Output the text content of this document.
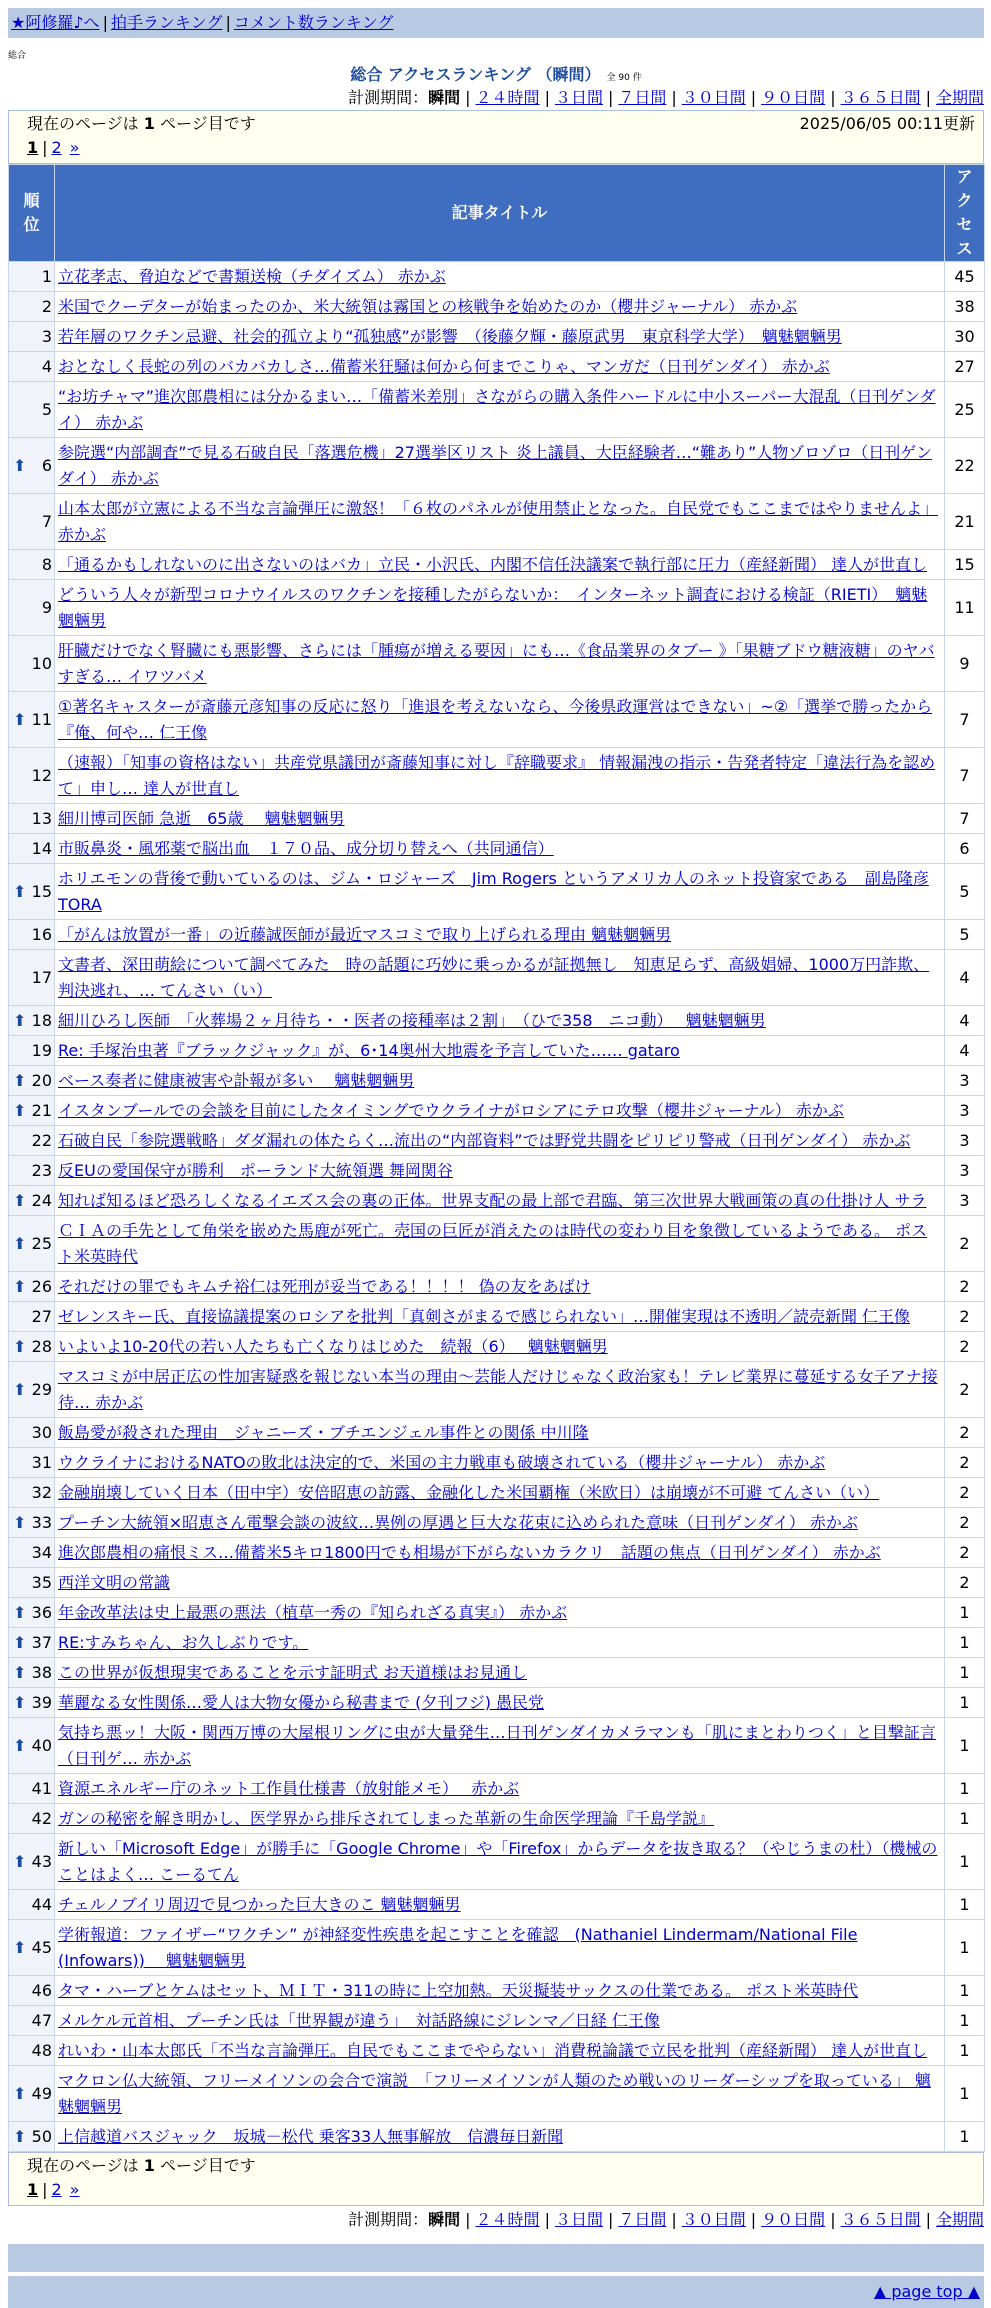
★阿修羅♪へ | 拍手ランキング | コメント数ランキング
総合
総合 アクセスランキング （瞬間） 全 90 件
計測期間：瞬間 | ２４時間 | ３日間 | ７日間 | ３０日間 | ９０日間 | ３６５日間 | 全期間
現在のページは 1 ページ目です	2025/06/05 00:11更新
1 | 2 »
順位	記事タイトル	アクセス
1	立花孝志、脅迫などで書類送検（チダイズム） 赤かぶ	45
2	米国でクーデターが始まったのか、米大統領は霧国との核戦争を始めたのか（櫻井ジャーナル） 赤かぶ	38
3	若年層のワクチン忌避、社会的孤立より“孤独感”が影響　（後藤夕輝・藤原武男　東京科学大学）　魑魅魍魎男	30
4	おとなしく長蛇の列のバカバカしさ…備蓄米狂騒は何から何までこりゃ、マンガだ（日刊ゲンダイ） 赤かぶ	27
5	“お坊チャマ”進次郎農相には分かるまい…「備蓄米差別」さながらの購入条件ハードルに中小スーパー大混乱（日刊ゲンダイ） 赤かぶ	25

⬆ 6	参院選“内部調査”で見る石破自民「落選危機」27選挙区リスト 炎上議員、大臣経験者…“難あり”人物ゾロゾロ（日刊ゲンダイ） 赤かぶ	22
7	山本太郎が立憲による不当な言論弾圧に激怒！「６枚のパネルが使用禁止となった。自民党でもここまではやりませんよ」 赤かぶ	21
8	「通るかもしれないのに出さないのはバカ」立民・小沢氏、内閣不信任決議案で執行部に圧力（産経新聞） 達人が世直し	15
9	どういう人々が新型コロナウイルスのワクチンを接種したがらないか：　インターネット調査における検証（RIETI）　魑魅魍魎男	11
10	肝臓だけでなく腎臓にも悪影響、さらには「腫瘍が増える要因」にも…《食品業界のタブー 》「果糖ブドウ糖液糖」のヤバすぎる… イワツバメ	9

⬆ 11	①著名キャスターが斎藤元彦知事の反応に怒り「進退を考えないなら、今後県政運営はできない」~②「選挙で勝ったから『俺、何や… 仁王像	7
12	（速報）「知事の資格はない」共産党県議団が斎藤知事に対し『辞職要求』 情報漏洩の指示・告発者特定「違法行為を認めて」申し… 達人が世直し	7
13	細川博司医師 急逝　65歳　 魑魅魍魎男	7
14	市販鼻炎・風邪薬で脳出血　１７０品、成分切り替えへ（共同通信）	6

⬆ 15	ホリエモンの背後で動いているのは、ジム・ロジャーズ　Jim Rogers というアメリカ人のネット投資家である　副島隆彦 TORA	5
16	「がんは放置が一番」の近藤誠医師が最近マスコミで取り上げられる理由 魑魅魍魎男	5
17	文書者、深田萌絵について調べてみた　時の話題に巧妙に乗っかるが証拠無し　知恵足らず、高級娼婦、1000万円詐欺、判決逃れ、… てんさい（い）	4

⬆ 18	細川ひろし医師　「火葬場２ヶ月待ち・・医者の接種率は２割」　（ひで358　ニコ動）　 魑魅魍魎男	4
19	Re: 手塚治虫著『ブラックジャック』が、6･14奥州大地震を予言していた…… gataro	4

⬆ 20	ベース奏者に健康被害や訃報が多い　 魑魅魍魎男	3

⬆ 21	イスタンブールでの会談を目前にしたタイミングでウクライナがロシアにテロ攻撃（櫻井ジャーナル） 赤かぶ	3
22	石破自民「参院選戦略」ダダ漏れの体たらく…流出の“内部資料”では野党共闘をピリピリ警戒（日刊ゲンダイ） 赤かぶ	3
23	反EUの愛国保守が勝利　ポーランド大統領選 舞岡関谷	3

⬆ 24	知れば知るほど恐ろしくなるイエズス会の裏の正体。世界支配の最上部で君臨、第三次世界大戦画策の真の仕掛け人 サラ	3

⬆ 25	ＣＩＡの手先として角栄を嵌めた馬鹿が死亡。売国の巨匠が消えたのは時代の変わり目を象徴しているようである。 ポスト米英時代	2

⬆ 26	それだけの罪でもキムチ裕仁は死刑が妥当である！！！！ 偽の友をあばけ	2
27	ゼレンスキー氏、直接協議提案のロシアを批判「真剣さがまるで感じられない」…開催実現は不透明／読売新聞 仁王像	2

⬆ 28	いよいよ10-20代の若い人たちも亡くなりはじめた　続報（6）　 魑魅魍魎男	2

⬆ 29	マスコミが中居正広の性加害疑惑を報じない本当の理由〜芸能人だけじゃなく政治家も！テレビ業界に蔓延する女子アナ接待… 赤かぶ	2
30	飯島愛が殺された理由＿ジャニーズ・ブチエンジェル事件との関係 中川隆	2
31	ウクライナにおけるNATOの敗北は決定的で、米国の主力戦車も破壊されている（櫻井ジャーナル） 赤かぶ	2
32	金融崩壊していく日本（田中宇）安倍昭恵の訪露、金融化した米国覇権（米欧日）は崩壊が不可避 てんさい（い）	2

⬆ 33	プーチン大統領×昭恵さん電撃会談の波紋…異例の厚遇と巨大な花束に込められた意味（日刊ゲンダイ） 赤かぶ	2
34	進次郎農相の痛恨ミス…備蓄米5キロ1800円でも相場が下がらないカラクリ　話題の焦点（日刊ゲンダイ） 赤かぶ	2
35	西洋文明の常識	2

⬆ 36	年金改革法は史上最悪の悪法（植草一秀の『知られざる真実』） 赤かぶ	1

⬆ 37	RE:すみちゃん、お久しぶりです。	1

⬆ 38	この世界が仮想現実であることを示す証明式 お天道様はお見通し	1

⬆ 39	華麗なる女性関係…愛人は大物女優から秘書まで (夕刊フジ) 愚民党	1

⬆ 40	気持ち悪ッ！大阪・関西万博の大屋根リングに虫が大量発生…日刊ゲンダイカメラマンも「肌にまとわりつく」と目撃証言（日刊ゲ… 赤かぶ	1
41	資源エネルギー庁のネット工作員仕様書（放射能メモ）　 赤かぶ	1
42	ガンの秘密を解き明かし、医学界から排斥されてしまった革新の生命医学理論『千島学説』	1

⬆ 43	新しい「Microsoft Edge」が勝手に「Google Chrome」や「Firefox」からデータを抜き取る？（やじうまの杜）（機械のことはよく… こーるてん	1
44	チェルノブイリ周辺で見つかった巨大きのこ 魑魅魍魎男	1

⬆ 45	学術報道：ファイザー“ワクチン” が神経変性疾患を起こすことを確認　(Nathaniel Lindermam/National File (Infowars))　 魑魅魍魎男	1
46	タマ・ハーブとケムはセット、ＭＩＴ・311の時に上空加熱。天災擬装サックスの仕業である。 ポスト米英時代	1
47	メルケル元首相、プーチン氏は「世界観が違う」　対話路線にジレンマ／日経 仁王像	1
48	れいわ・山本太郎氏「不当な言論弾圧。自民でもここまでやらない」消費税論議で立民を批判（産経新聞） 達人が世直し	1

⬆ 49	マクロン仏大統領、フリーメイソンの会合で演説　「フリーメイソンが人類のため戦いのリーダーシップを取っている」 魑魅魍魎男	1

⬆ 50	上信越道バスジャック　坂城－松代 乗客33人無事解放　信濃毎日新聞	1
現在のページは 1 ページ目です
1 | 2 »
計測期間：瞬間 | ２４時間 | ３日間 | ７日間 | ３０日間 | ９０日間 | ３６５日間 | 全期間
▲ page top ▲
